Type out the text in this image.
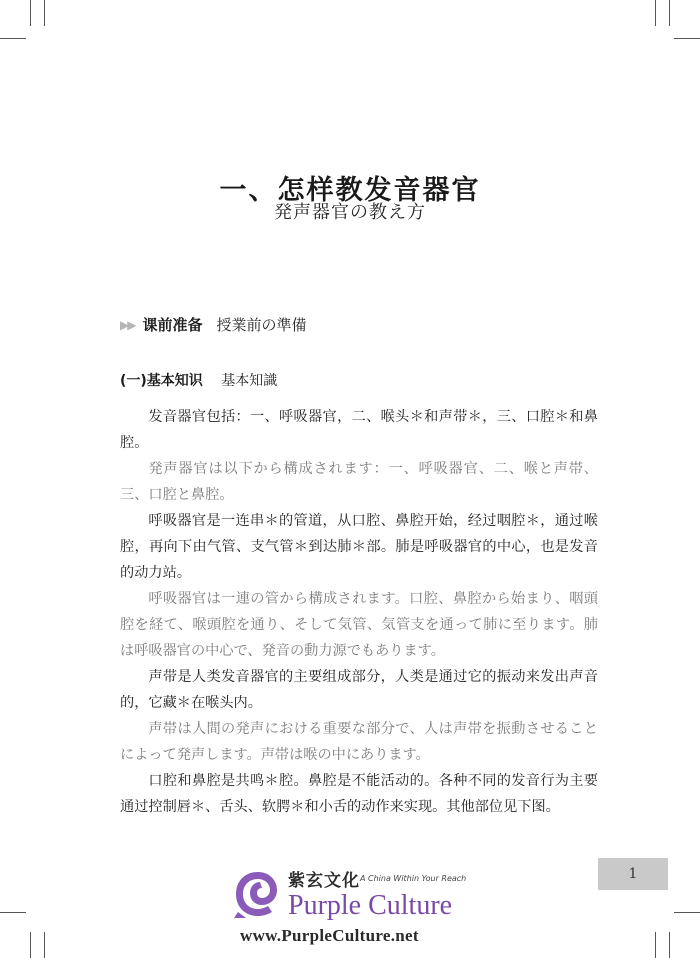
一、怎样教发音器官
発声器官の教え方
▶▶ 课前准备 授業前の準備
(一)基本知识 基本知識

发音器官包括：一、呼吸器官，二、喉头＊和声带＊，三、口腔＊和鼻腔。

発声器官は以下から構成されます：一、呼吸器官、二、喉と声帯、三、口腔と鼻腔。

呼吸器官是一连串＊的管道，从口腔、鼻腔开始，经过咽腔＊，通过喉腔，再向下由气管、支气管＊到达肺＊部。肺是呼吸器官的中心，也是发音的动力站。

呼吸器官は一連の管から構成されます。口腔、鼻腔から始まり、咽頭腔を経て、喉頭腔を通り、そして気管、気管支を通って肺に至ります。肺は呼吸器官の中心で、発音の動力源でもあります。

声带是人类发音器官的主要组成部分，人类是通过它的振动来发出声音的，它藏＊在喉头内。

声帯は人間の発声における重要な部分で、人は声帯を振動させることによって発声します。声帯は喉の中にあります。

口腔和鼻腔是共鸣＊腔。鼻腔是不能活动的。各种不同的发音行为主要通过控制唇＊、舌头、软腭＊和小舌的动作来实现。其他部位见下图。

1
紫玄文化 A China Within Your Reach
Purple Culture
www.PurpleCulture.net
